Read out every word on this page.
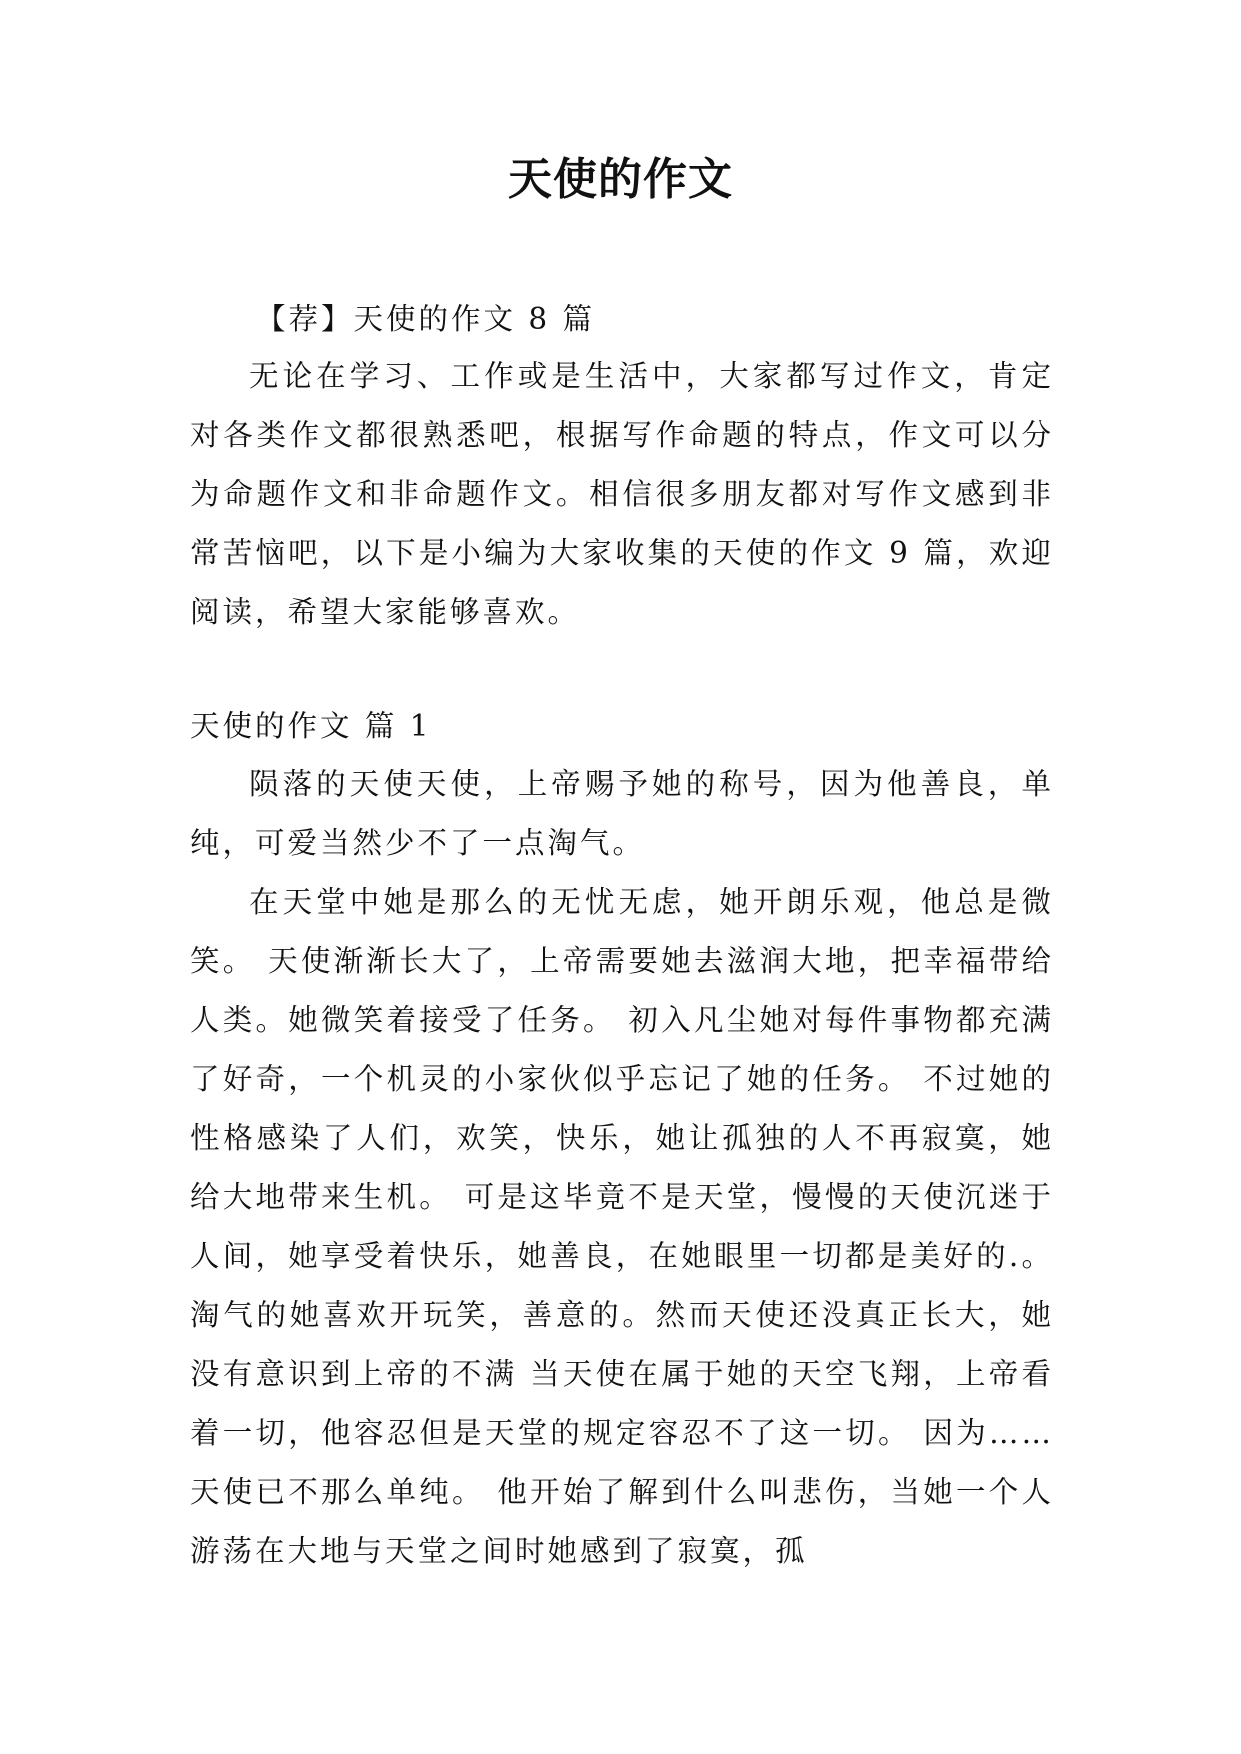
天使的作文
【荐】天使的作文 8 篇

无论在学习、工作或是生活中，大家都写过作文，肯定对各类作文都很熟悉吧，根据写作命题的特点，作文可以分为命题作文和非命题作文。相信很多朋友都对写作文感到非常苦恼吧，以下是小编为大家收集的天使的作文 9 篇，欢迎阅读，希望大家能够喜欢。

天使的作文 篇 1

陨落的天使天使，上帝赐予她的称号，因为他善良，单纯，可爱当然少不了一点淘气。

在天堂中她是那么的无忧无虑，她开朗乐观，他总是微笑。 天使渐渐长大了，上帝需要她去滋润大地，把幸福带给人类。她微笑着接受了任务。 初入凡尘她对每件事物都充满了好奇，一个机灵的小家伙似乎忘记了她的任务。 不过她的性格感染了人们，欢笑，快乐，她让孤独的人不再寂寞，她给大地带来生机。 可是这毕竟不是天堂，慢慢的天使沉迷于人间，她享受着快乐，她善良，在她眼里一切都是美好的.。 淘气的她喜欢开玩笑，善意的。然而天使还没真正长大，她没有意识到上帝的不满 当天使在属于她的天空飞翔，上帝看着一切，他容忍但是天堂的规定容忍不了这一切。 因为……天使已不那么单纯。 他开始了解到什么叫悲伤，当她一个人游荡在大地与天堂之间时她感到了寂寞，孤
